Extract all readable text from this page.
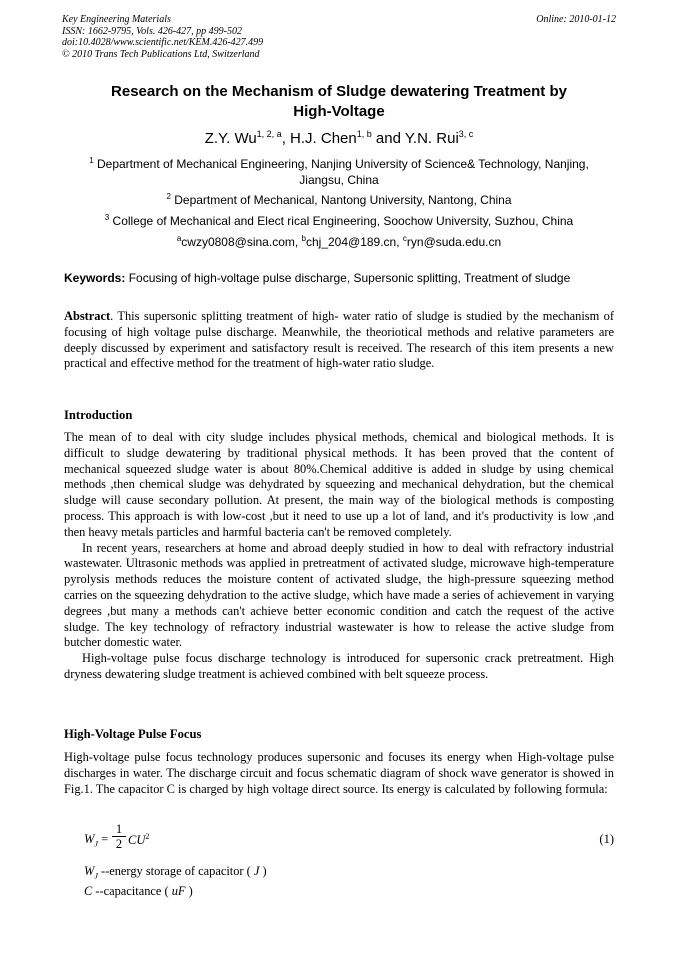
Key Engineering Materials
ISSN: 1662-9795, Vols. 426-427, pp 499-502
doi:10.4028/www.scientific.net/KEM.426-427.499
© 2010 Trans Tech Publications Ltd, Switzerland
Online: 2010-01-12
Research on the Mechanism of Sludge dewatering Treatment by
High-Voltage
Z.Y. Wu$^{1, 2, a}$, H.J. Chen$^{1, b}$ and Y.N. Rui$^{3, c}$
$^1$ Department of Mechanical Engineering, Nanjing University of Science& Technology, Nanjing,
Jiangsu, China
$^2$ Department of Mechanical, Nantong University, Nantong, China
$^3$ College of Mechanical and Elect rical Engineering, Soochow University, Suzhou, China
$^a$cwzy0808@sina.com, $^b$chj_204@189.cn, $^c$ryn@suda.edu.cn
Keywords: Focusing of high-voltage pulse discharge, Supersonic splitting, Treatment of sludge

Abstract. This supersonic splitting treatment of high- water ratio of sludge is studied by the mechanism of focusing of high voltage pulse discharge. Meanwhile, the theoriotical methods and relative parameters are deeply discussed by experiment and satisfactory result is received. The research of this item presents a new practical and effective method for the treatment of high-water ratio sludge.

Introduction

The mean of to deal with city sludge includes physical methods, chemical and biological methods. It is difficult to sludge dewatering by traditional physical methods. It has been proved that the content of mechanical squeezed sludge water is about 80%.Chemical additive is added in sludge by using chemical methods ,then chemical sludge was dehydrated by squeezing and mechanical dehydration, but the chemical sludge will cause secondary pollution. At present, the main way of the biological methods is composting process. This approach is with low-cost ,but it need to use up a lot of land, and it's productivity is low ,and then heavy metals particles and harmful bacteria can't be removed completely.

In recent years, researchers at home and abroad deeply studied in how to deal with refractory industrial wastewater. Ultrasonic methods was applied in pretreatment of activated sludge, microwave high-temperature pyrolysis methods reduces the moisture content of activated sludge, the high-pressure squeezing method carries on the squeezing dehydration to the active sludge, which have made a series of achievement in varying degrees ,but many a methods can't achieve better economic condition and catch the request of the active sludge. The key technology of refractory industrial wastewater is how to release the active sludge from butcher domestic water.

High-voltage pulse focus discharge technology is introduced for supersonic crack pretreatment. High dryness dewatering sludge treatment is achieved combined with belt squeeze process.

High-Voltage Pulse Focus

High-voltage pulse focus technology produces supersonic and focuses its energy when High-voltage pulse discharges in water. The discharge circuit and focus schematic diagram of shock wave generator is showed in Fig.1. The capacitor C is charged by high voltage direct source. Its energy is calculated by following formula:

$W_J$ =
1
2 $CU^2$	(1)
$W_J$ --energy storage of capacitor ( J )
C --capacitance ( uF )
